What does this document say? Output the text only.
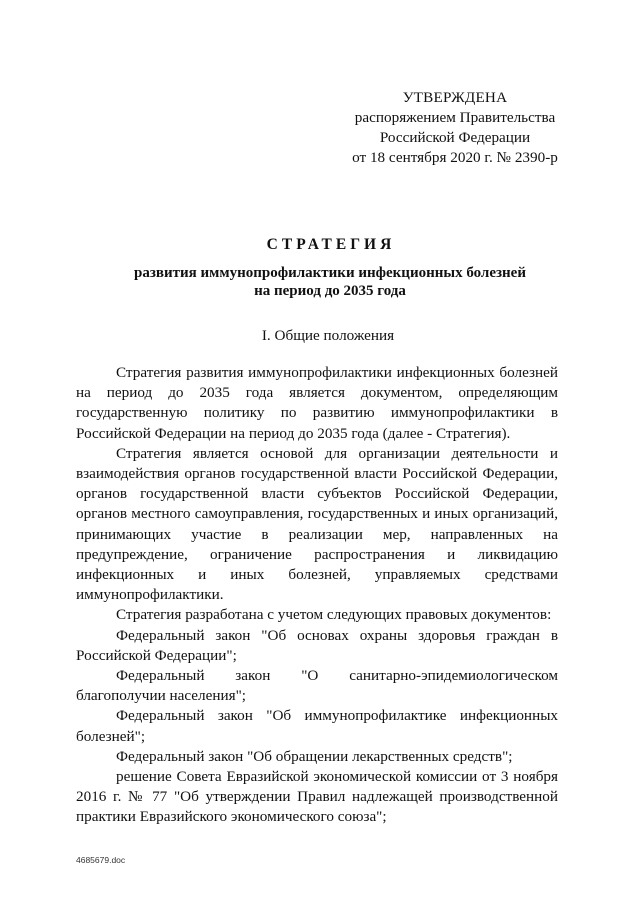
УТВЕРЖДЕНА
распоряжением Правительства
Российской Федерации
от 18 сентября 2020 г. № 2390-р
СТРАТЕГИЯ
развития иммунопрофилактики инфекционных болезней
на период до 2035 года
I. Общие положения

Стратегия развития иммунопрофилактики инфекционных болезней на период до 2035 года является документом, определяющим государственную политику по развитию иммунопрофилактики в Российской Федерации на период до 2035 года (далее - Стратегия).

Стратегия является основой для организации деятельности и взаимодействия органов государственной власти Российской Федерации, органов государственной власти субъектов Российской Федерации, органов местного самоуправления, государственных и иных организаций, принимающих участие в реализации мер, направленных на предупреждение, ограничение распространения и ликвидацию инфекционных и иных болезней, управляемых средствами иммунопрофилактики.

Стратегия разработана с учетом следующих правовых документов:

Федеральный закон "Об основах охраны здоровья граждан в Российской Федерации";

Федеральный закон "О санитарно-эпидемиологическом благополучии населения";

Федеральный закон "Об иммунопрофилактике инфекционных болезней";

Федеральный закон "Об обращении лекарственных средств";

решение Совета Евразийской экономической комиссии от 3 ноября 2016 г. № 77 "Об утверждении Правил надлежащей производственной практики Евразийского экономического союза";

4685679.doc
